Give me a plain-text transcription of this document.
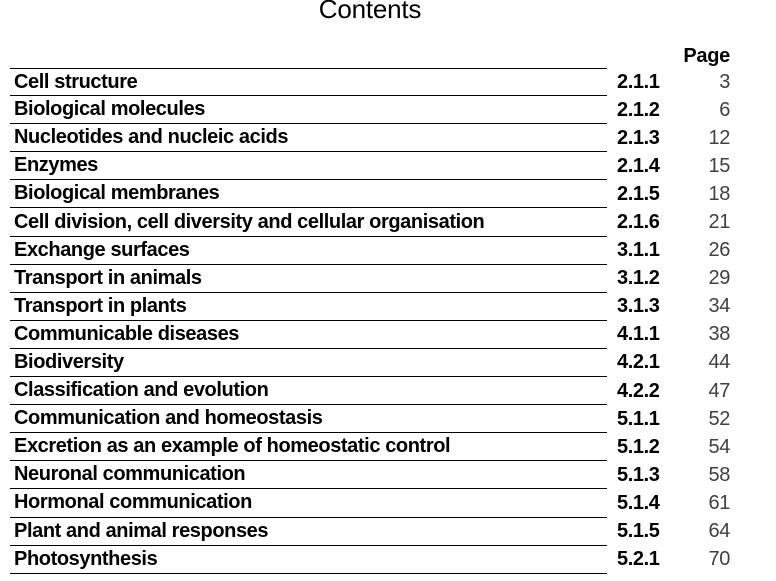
Contents
Page
Cell structure	2.1.1	3
Biological molecules	2.1.2	6
Nucleotides and nucleic acids	2.1.3	12
Enzymes	2.1.4	15
Biological membranes	2.1.5	18
Cell division, cell diversity and cellular organisation	2.1.6	21
Exchange surfaces	3.1.1	26
Transport in animals	3.1.2	29
Transport in plants	3.1.3	34
Communicable diseases	4.1.1	38
Biodiversity	4.2.1	44
Classification and evolution	4.2.2	47
Communication and homeostasis	5.1.1	52
Excretion as an example of homeostatic control	5.1.2	54
Neuronal communication	5.1.3	58
Hormonal communication	5.1.4	61
Plant and animal responses	5.1.5	64
Photosynthesis	5.2.1	70
